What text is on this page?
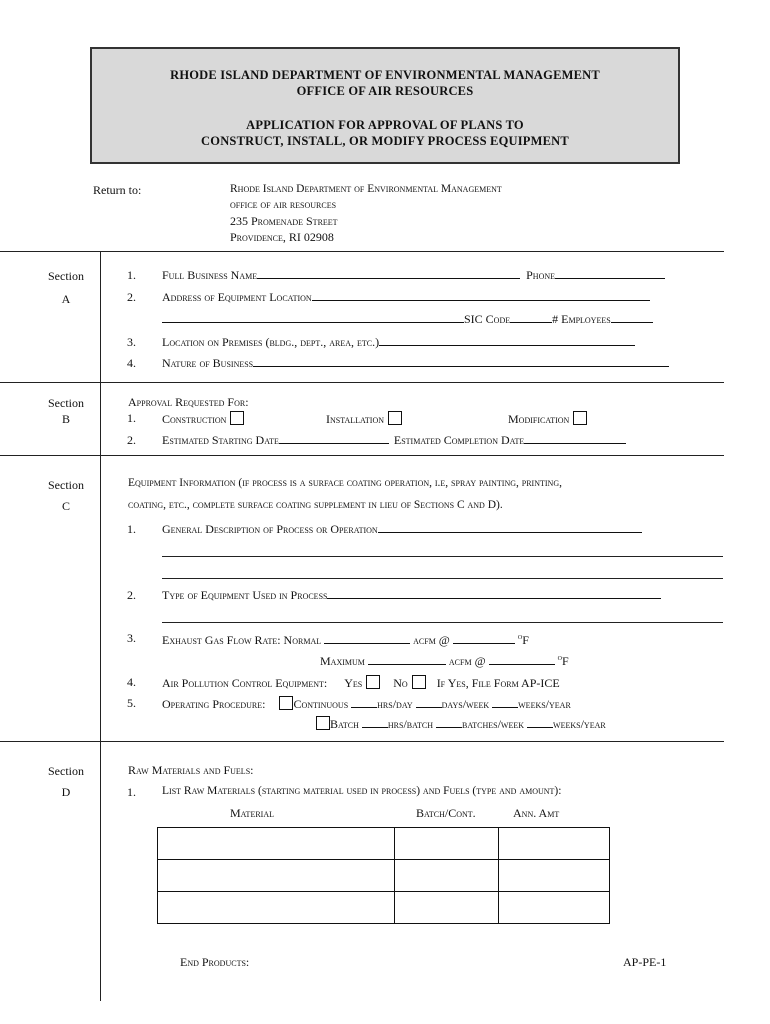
RHODE ISLAND DEPARTMENT OF ENVIRONMENTAL MANAGEMENT
OFFICE OF AIR RESOURCES
APPLICATION FOR APPROVAL OF PLANS TO
CONSTRUCT, INSTALL, OR MODIFY PROCESS EQUIPMENT
Return to:	Rhode Island Department of Environmental Management
office of air resources
235 Promenade Street
Providence, RI 02908
Section
A
1. Full Business Name	Phone
2. Address of Equipment Location
SIC Code	# Employees
3. Location on Premises (bldg., dept., area, etc.)
4. Nature of Business
Section
B
Approval Requested For:
1. Construction	Installation	Modification
2. Estimated Starting Date	Estimated Completion Date
Section
C
Equipment Information (if process is a surface coating operation, i.e, spray painting, printing,
coating, etc., complete surface coating supplement in lieu of Sections C and D).
1. General Description of Process or Operation
2. Type of Equipment Used in Process
3. Exhaust Gas Flow Rate: Normal	acfm @	$^o$F
Maximum	acfm @	$^o$F
4. Air Pollution Control Equipment: Yes	No If Yes, File Form AP-ICE
5. Operating Procedure: Continuous hrs/day days/week weeks/year
Batch hrs/batch batches/week weeks/year
Section
D
Raw Materials and Fuels:
1. List Raw Materials (starting material used in process) and Fuels (type and amount):
Material	Batch/Cont.	Ann. Amt

End Products:	AP-PE-1
